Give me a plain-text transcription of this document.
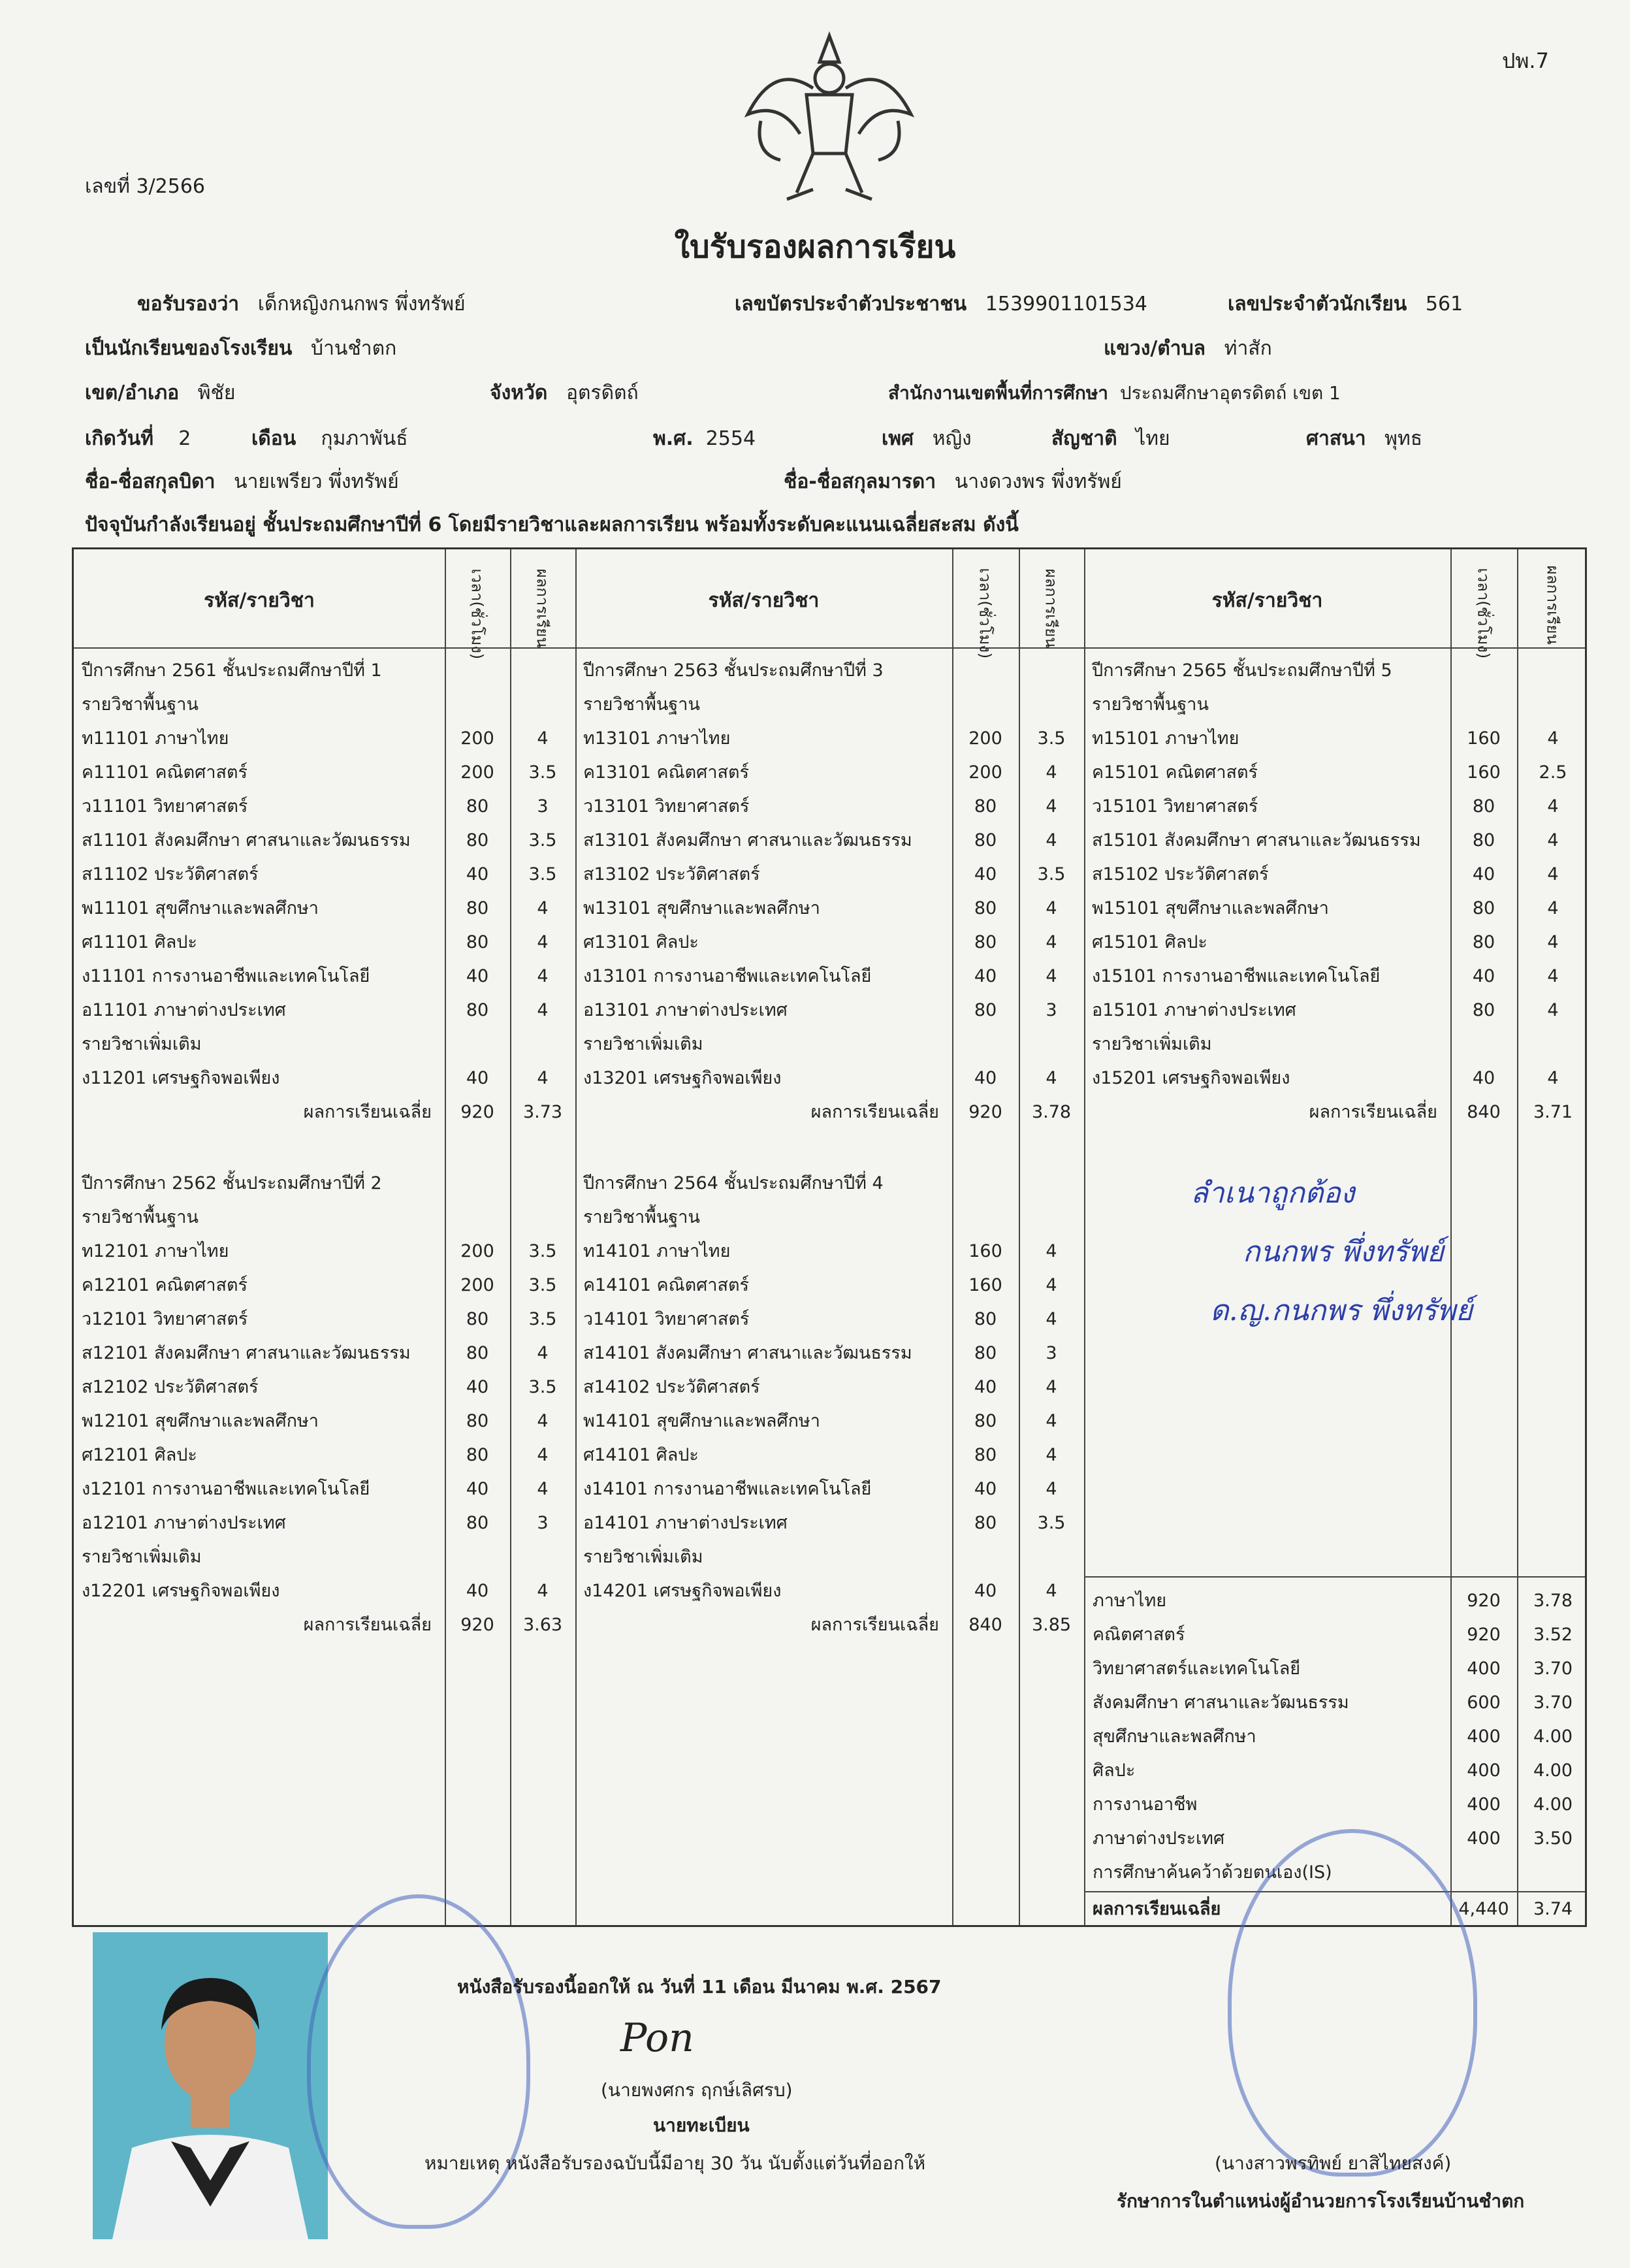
ปพ.7
เลขที่ 3/2566
ใบรับรองผลการเรียน
ขอรับรองว่า เด็กหญิงกนกพร พึ่งทรัพย์	เลขบัตรประจำตัวประชาชน 1539901101534	เลขประจำตัวนักเรียน 561
เป็นนักเรียนของโรงเรียน บ้านชำตก	แขวง/ตำบล ท่าสัก
เขต/อำเภอ พิชัย	จังหวัด อุตรดิตถ์	สำนักงานเขตพื้นที่การศึกษา ประถมศึกษาอุตรดิตถ์ เขต 1
เกิดวันที่ 2	เดือน กุมภาพันธ์	พ.ศ. 2554	เพศ หญิง	สัญชาติ ไทย	ศาสนา พุทธ
ชื่อ-ชื่อสกุลบิดา นายเพรียว พึ่งทรัพย์	ชื่อ-ชื่อสกุลมารดา นางดวงพร พึ่งทรัพย์
ปัจจุบันกำลังเรียนอยู่ ชั้นประถมศึกษาปีที่ 6 โดยมีรายวิชาและผลการเรียน พร้อมทั้งระดับคะแนนเฉลี่ยสะสม ดังนี้
รหัส/รายวิชา	เวลา(ชั่วโมง)	ผลการเรียน	รหัส/รายวิชา	เวลา(ชั่วโมง)	ผลการเรียน	รหัส/รายวิชา	เวลา(ชั่วโมง)	ผลการเรียน
ปีการศึกษา 2561 ชั้นประถมศึกษาปีที่ 1
รายวิชาพื้นฐาน
ท11101 ภาษาไทย	200	4
ค11101 คณิตศาสตร์	200	3.5
ว11101 วิทยาศาสตร์	80	3
ส11101 สังคมศึกษา ศาสนาและวัฒนธรรม	80	3.5
ส11102 ประวัติศาสตร์	40	3.5
พ11101 สุขศึกษาและพลศึกษา	80	4
ศ11101 ศิลปะ	80	4
ง11101 การงานอาชีพและเทคโนโลยี	40	4
อ11101 ภาษาต่างประเทศ	80	4
รายวิชาเพิ่มเติม
ง11201 เศรษฐกิจพอเพียง	40	4
ผลการเรียนเฉลี่ย	920	3.73
ปีการศึกษา 2562 ชั้นประถมศึกษาปีที่ 2
รายวิชาพื้นฐาน
ท12101 ภาษาไทย	200	3.5
ค12101 คณิตศาสตร์	200	3.5
ว12101 วิทยาศาสตร์	80	3.5
ส12101 สังคมศึกษา ศาสนาและวัฒนธรรม	80	4
ส12102 ประวัติศาสตร์	40	3.5
พ12101 สุขศึกษาและพลศึกษา	80	4
ศ12101 ศิลปะ	80	4
ง12101 การงานอาชีพและเทคโนโลยี	40	4
อ12101 ภาษาต่างประเทศ	80	3
รายวิชาเพิ่มเติม
ง12201 เศรษฐกิจพอเพียง	40	4
ผลการเรียนเฉลี่ย	920	3.63
ปีการศึกษา 2563 ชั้นประถมศึกษาปีที่ 3
รายวิชาพื้นฐาน
ท13101 ภาษาไทย	200	3.5
ค13101 คณิตศาสตร์	200	4
ว13101 วิทยาศาสตร์	80	4
ส13101 สังคมศึกษา ศาสนาและวัฒนธรรม	80	4
ส13102 ประวัติศาสตร์	40	3.5
พ13101 สุขศึกษาและพลศึกษา	80	4
ศ13101 ศิลปะ	80	4
ง13101 การงานอาชีพและเทคโนโลยี	40	4
อ13101 ภาษาต่างประเทศ	80	3
รายวิชาเพิ่มเติม
ง13201 เศรษฐกิจพอเพียง	40	4
ผลการเรียนเฉลี่ย	920	3.78
ปีการศึกษา 2564 ชั้นประถมศึกษาปีที่ 4
รายวิชาพื้นฐาน
ท14101 ภาษาไทย	160	4
ค14101 คณิตศาสตร์	160	4
ว14101 วิทยาศาสตร์	80	4
ส14101 สังคมศึกษา ศาสนาและวัฒนธรรม	80	3
ส14102 ประวัติศาสตร์	40	4
พ14101 สุขศึกษาและพลศึกษา	80	4
ศ14101 ศิลปะ	80	4
ง14101 การงานอาชีพและเทคโนโลยี	40	4
อ14101 ภาษาต่างประเทศ	80	3.5
รายวิชาเพิ่มเติม
ง14201 เศรษฐกิจพอเพียง	40	4
ผลการเรียนเฉลี่ย	840	3.85
ปีการศึกษา 2565 ชั้นประถมศึกษาปีที่ 5
รายวิชาพื้นฐาน
ท15101 ภาษาไทย	160	4
ค15101 คณิตศาสตร์	160	2.5
ว15101 วิทยาศาสตร์	80	4
ส15101 สังคมศึกษา ศาสนาและวัฒนธรรม	80	4
ส15102 ประวัติศาสตร์	40	4
พ15101 สุขศึกษาและพลศึกษา	80	4
ศ15101 ศิลปะ	80	4
ง15101 การงานอาชีพและเทคโนโลยี	40	4
อ15101 ภาษาต่างประเทศ	80	4
รายวิชาเพิ่มเติม
ง15201 เศรษฐกิจพอเพียง	40	4
ผลการเรียนเฉลี่ย	840	3.71
ภาษาไทย	920	3.78
คณิตศาสตร์	920	3.52
วิทยาศาสตร์และเทคโนโลยี	400	3.70
สังคมศึกษา ศาสนาและวัฒนธรรม	600	3.70
สุขศึกษาและพลศึกษา	400	4.00
ศิลปะ	400	4.00
การงานอาชีพ	400	4.00
ภาษาต่างประเทศ	400	3.50
การศึกษาค้นคว้าด้วยตนเอง(IS)
ผลการเรียนเฉลี่ย	4,440	3.74
ลำเนาถูกต้อง
กนกพร พึ่งทรัพย์
ด.ญ.กนกพร พึ่งทรัพย์
หนังสือรับรองนี้ออกให้ ณ วันที่ 11 เดือน มีนาคม พ.ศ. 2567
Pon
(นายพงศกร ฤกษ์เลิศรบ)
นายทะเบียน
หมายเหตุ หนังสือรับรองฉบับนี้มีอายุ 30 วัน นับตั้งแต่วันที่ออกให้	(นางสาวพรทิพย์ ยาสิไทยสงค์)
รักษาการในตำแหน่งผู้อำนวยการโรงเรียนบ้านชำตก
